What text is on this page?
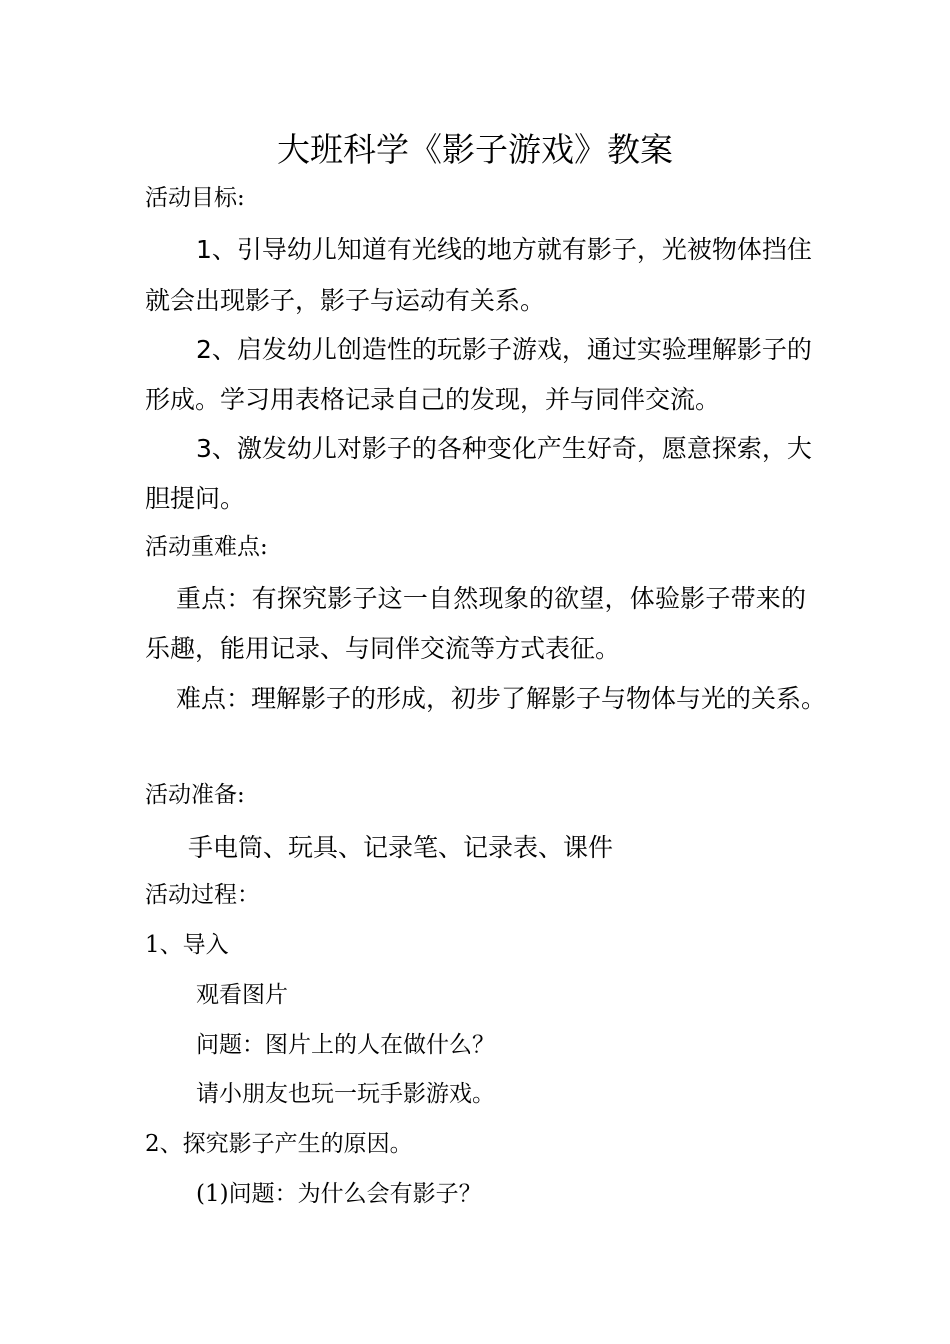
大班科学《影子游戏》教案
活动目标:
1、引导幼儿知道有光线的地方就有影子，光被物体挡住
就会出现影子，影子与运动有关系。
2、启发幼儿创造性的玩影子游戏，通过实验理解影子的
形成。学习用表格记录自己的发现，并与同伴交流。
3、激发幼儿对影子的各种变化产生好奇，愿意探索，大
胆提问。
活动重难点:
重点：有探究影子这一自然现象的欲望，体验影子带来的
乐趣，能用记录、与同伴交流等方式表征。
难点：理解影子的形成，初步了解影子与物体与光的关系。
活动准备:
手电筒、玩具、记录笔、记录表、课件
活动过程：
1、导入
观看图片
问题：图片上的人在做什么？
请小朋友也玩一玩手影游戏。
2、探究影子产生的原因。
(1)问题：为什么会有影子？
